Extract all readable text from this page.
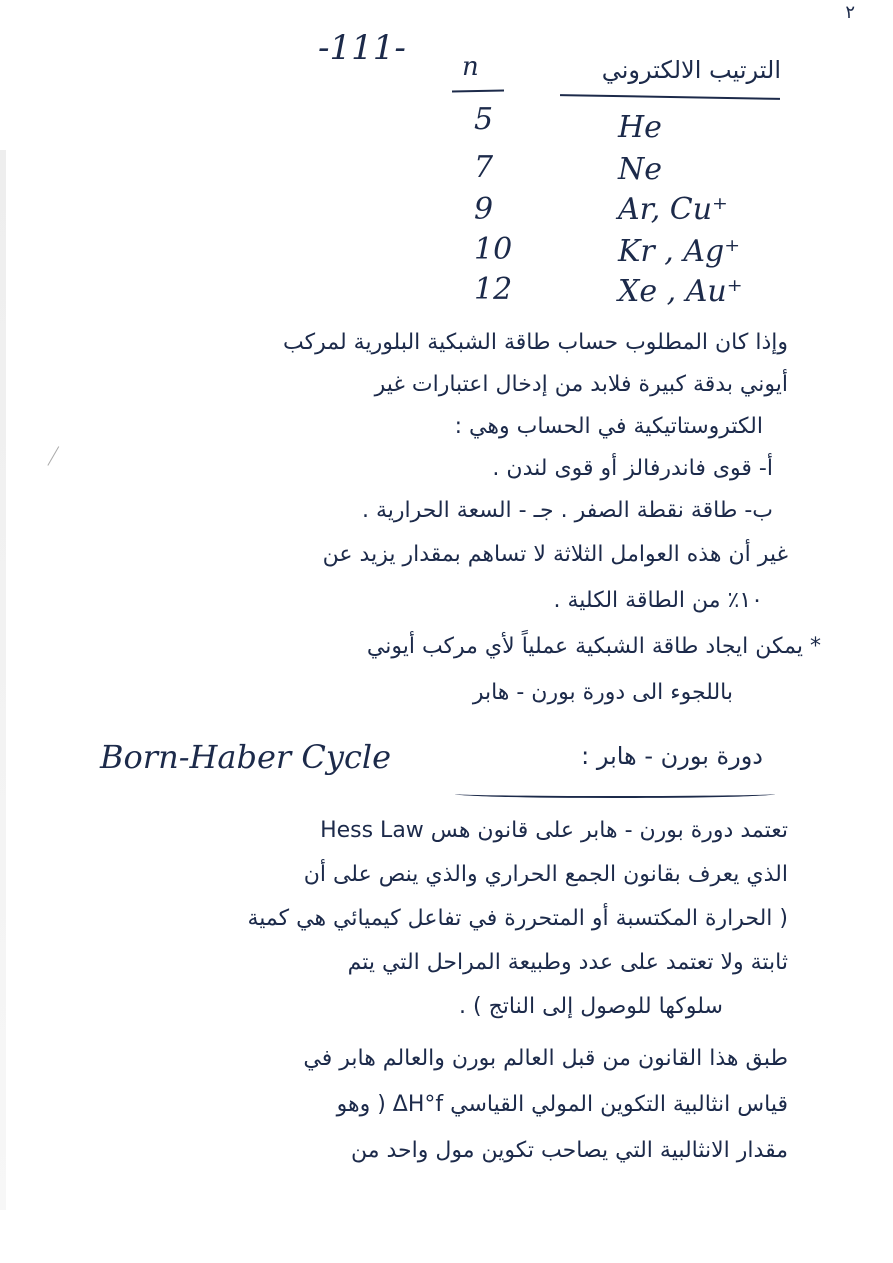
٢
-111- n	الترتيب الالكتروني
5	He
7	Ne
9	Ar, Cu⁺
10	Kr , Ag⁺
12	Xe , Au⁺
وإذا كان المطلوب حساب طاقة الشبكية البلورية لمركب
أيوني بدقة كبيرة فلابد من إدخال اعتبارات غير
الكتروستاتيكية في الحساب وهي :
أ- قوى فاندرفالز أو قوى لندن .
ب- طاقة نقطة الصفر . جـ - السعة الحرارية .
غير أن هذه العوامل الثلاثة لا تساهم بمقدار يزيد عن
١٠٪ من الطاقة الكلية .
* يمكن ايجاد طاقة الشبكية عملياً لأي مركب أيوني
باللجوء الى دورة بورن - هابر
Born-Haber Cycle	دورة بورن - هابر :
تعتمد دورة بورن - هابر على قانون هس Hess Law
الذي يعرف بقانون الجمع الحراري والذي ينص على أن
( الحرارة المكتسبة أو المتحررة في تفاعل كيميائي هي كمية
ثابتة ولا تعتمد على عدد وطبيعة المراحل التي يتم
سلوكها للوصول إلى الناتج ) .
طبق هذا القانون من قبل العالم بورن والعالم هابر في
قياس انثالبية التكوين المولي القياسي ΔH°f ( وهو
مقدار الانثالبية التي يصاحب تكوين مول واحد من
